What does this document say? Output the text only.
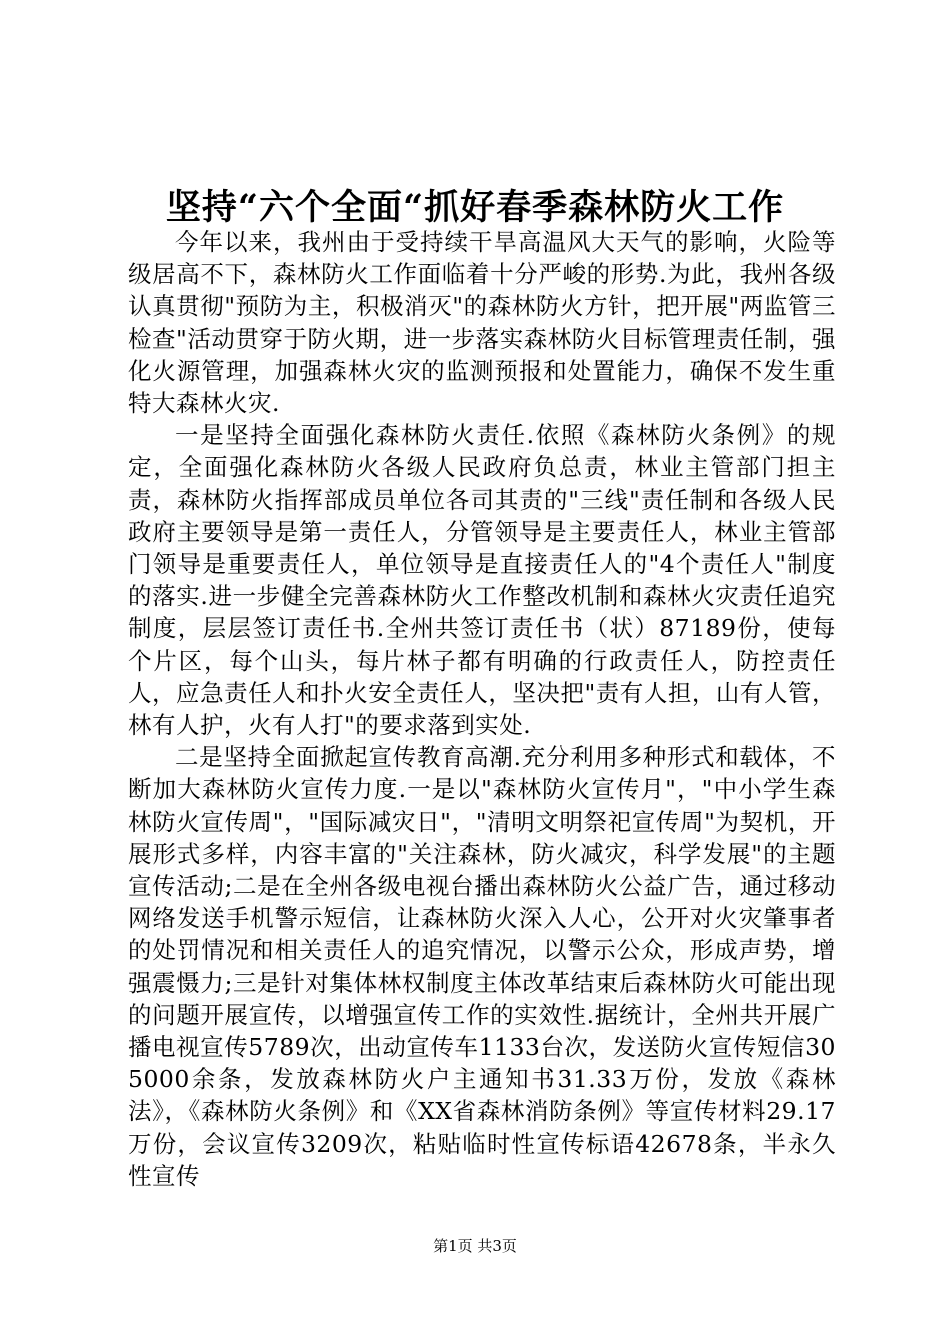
坚持“六个全面“抓好春季森林防火工作

今年以来，我州由于受持续干旱高温风大天气的影响，火险等级居高不下，森林防火工作面临着十分严峻的形势.为此，我州各级认真贯彻"预防为主，积极消灭"的森林防火方针，把开展"两监管三检查"活动贯穿于防火期，进一步落实森林防火目标管理责任制，强化火源管理，加强森林火灾的监测预报和处置能力，确保不发生重特大森林火灾.

一是坚持全面强化森林防火责任.依照《森林防火条例》的规定，全面强化森林防火各级人民政府负总责，林业主管部门担主责，森林防火指挥部成员单位各司其责的"三线"责任制和各级人民政府主要领导是第一责任人，分管领导是主要责任人，林业主管部门领导是重要责任人，单位领导是直接责任人的"4个责任人"制度的落实.进一步健全完善森林防火工作整改机制和森林火灾责任追究制度，层层签订责任书.全州共签订责任书（状）87189份，使每个片区，每个山头，每片林子都有明确的行政责任人，防控责任人，应急责任人和扑火安全责任人，坚决把"责有人担，山有人管，林有人护，火有人打"的要求落到实处.

二是坚持全面掀起宣传教育高潮.充分利用多种形式和载体，不断加大森林防火宣传力度.一是以"森林防火宣传月"，"中小学生森林防火宣传周"，"国际减灾日"，"清明文明祭祀宣传周"为契机，开展形式多样，内容丰富的"关注森林，防火减灾，科学发展"的主题宣传活动;二是在全州各级电视台播出森林防火公益广告，通过移动网络发送手机警示短信，让森林防火深入人心，公开对火灾肇事者的处罚情况和相关责任人的追究情况，以警示公众，形成声势，增强震慑力;三是针对集体林权制度主体改革结束后森林防火可能出现的问题开展宣传，以增强宣传工作的实效性.据统计，全州共开展广播电视宣传5789次，出动宣传车1133台次，发送防火宣传短信305000余条，发放森林防火户主通知书31.33万份，发放《森林法》，《森林防火条例》和《XX省森林消防条例》等宣传材料29.17万份，会议宣传3209次，粘贴临时性宣传标语42678条，半永久性宣传

第1页 共3页
